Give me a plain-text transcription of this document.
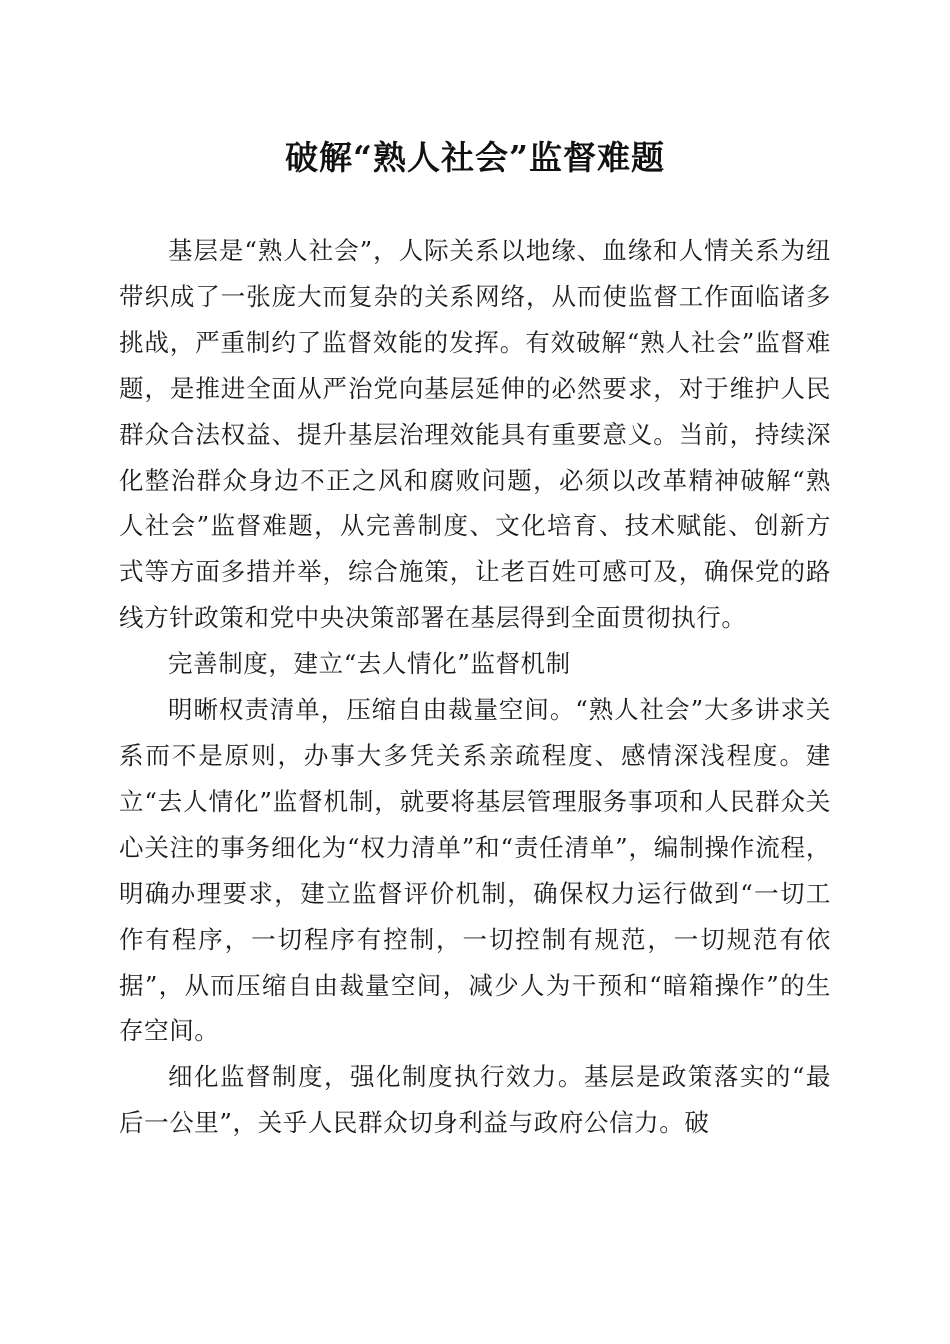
破解“熟人社会”监督难题

基层是“熟人社会”，人际关系以地缘、血缘和人情关系为纽带织成了一张庞大而复杂的关系网络，从而使监督工作面临诸多挑战，严重制约了监督效能的发挥。有效破解“熟人社会”监督难题，是推进全面从严治党向基层延伸的必然要求，对于维护人民群众合法权益、提升基层治理效能具有重要意义。当前，持续深化整治群众身边不正之风和腐败问题，必须以改革精神破解“熟人社会”监督难题，从完善制度、文化培育、技术赋能、创新方式等方面多措并举，综合施策，让老百姓可感可及，确保党的路线方针政策和党中央决策部署在基层得到全面贯彻执行。

完善制度，建立“去人情化”监督机制

明晰权责清单，压缩自由裁量空间。“熟人社会”大多讲求关系而不是原则，办事大多凭关系亲疏程度、感情深浅程度。建立“去人情化”监督机制，就要将基层管理服务事项和人民群众关心关注的事务细化为“权力清单”和“责任清单”，编制操作流程，明确办理要求，建立监督评价机制，确保权力运行做到“一切工作有程序，一切程序有控制，一切控制有规范，一切规范有依据”，从而压缩自由裁量空间，减少人为干预和“暗箱操作”的生存空间。

细化监督制度，强化制度执行效力。基层是政策落实的“最后一公里”，关乎人民群众切身利益与政府公信力。破
